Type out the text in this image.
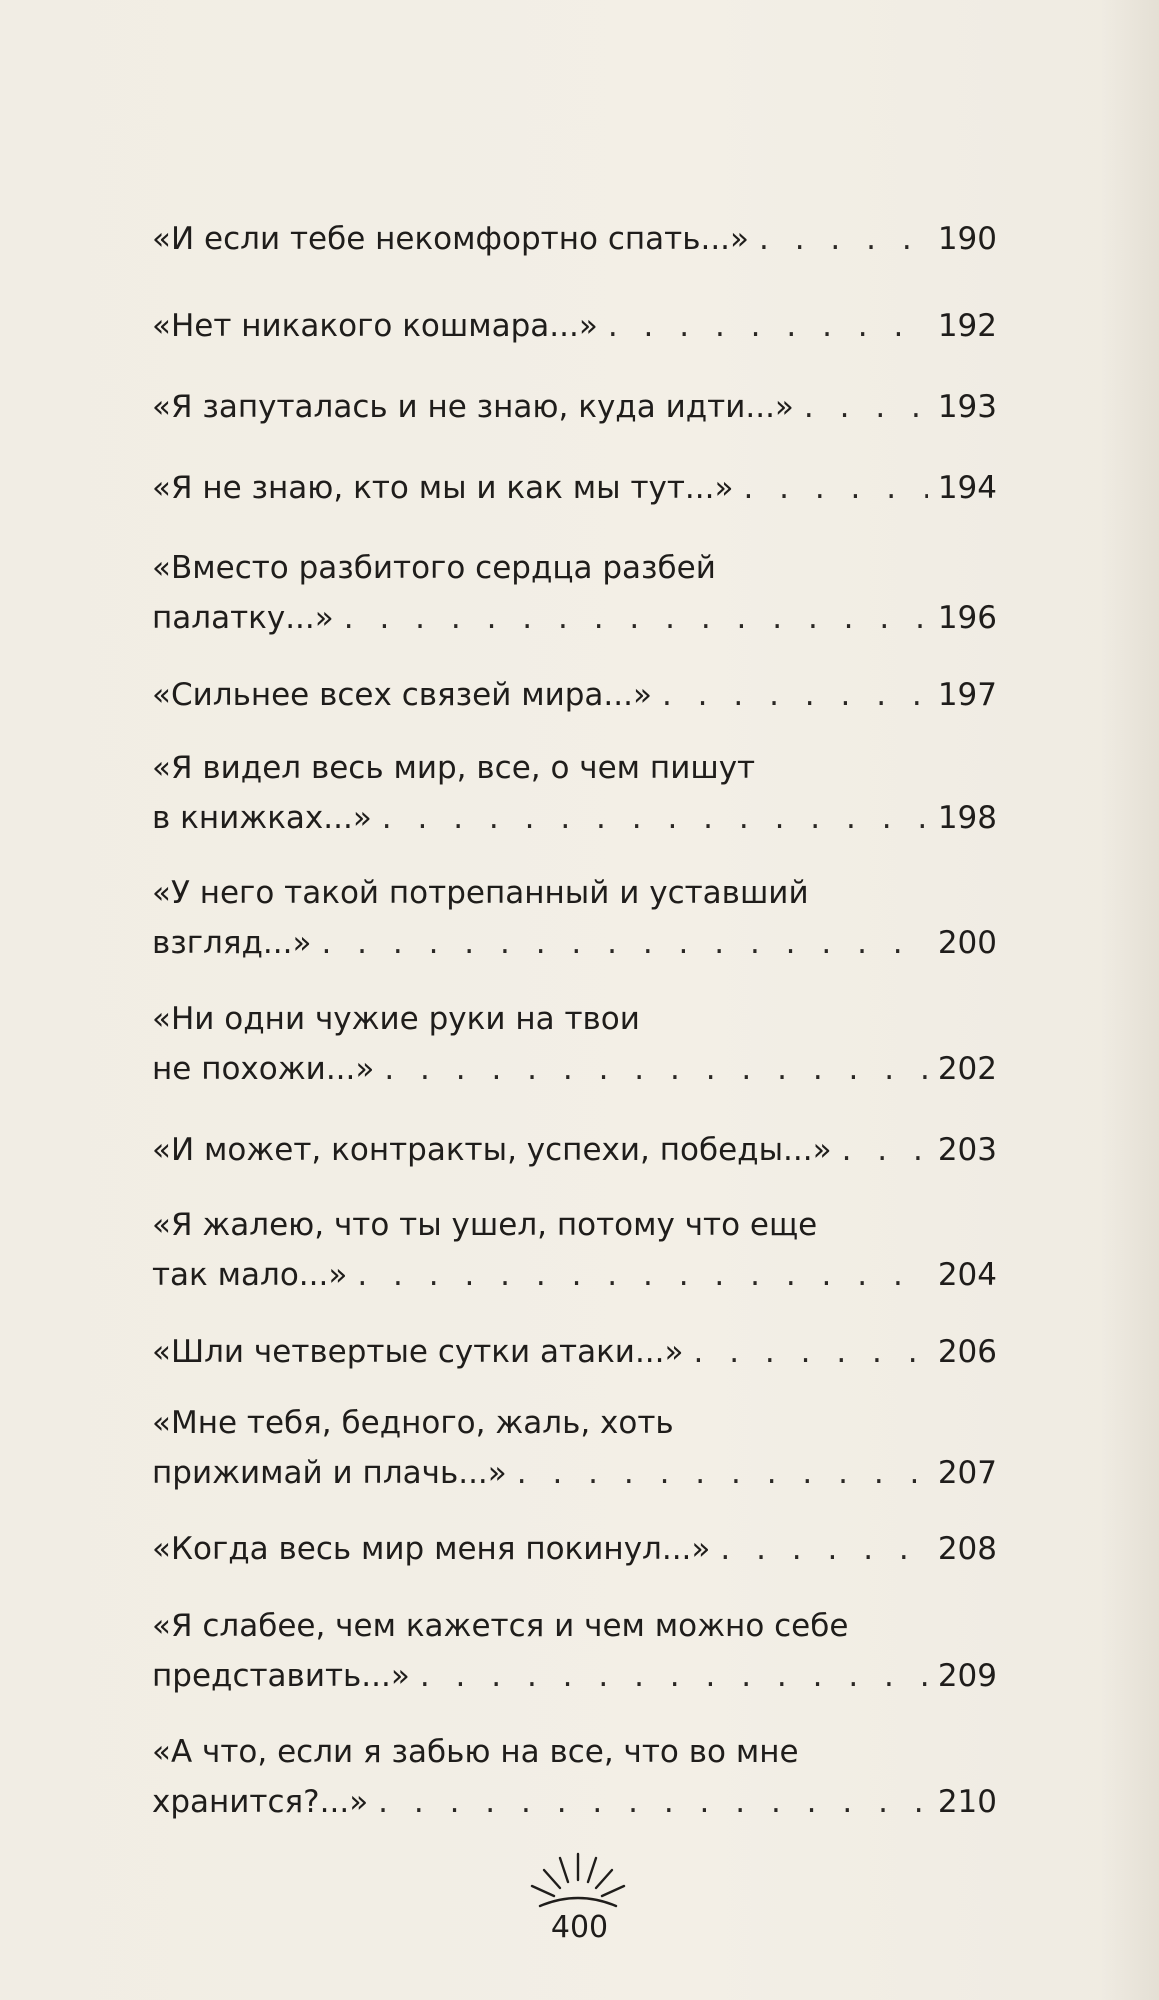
«И если тебе некомфортно спать...» . . .	190
«Нет никакого кошмара...» . . .	192
«Я запуталась и не знаю, куда идти...» . . .	193
«Я не знаю, кто мы и как мы тут...» . . .	194
«Вместо разбитого сердца разбей
палатку...» . . .	196
«Сильнее всех связей мира...» . . .	197
«Я видел весь мир, все, о чем пишут
в книжках...» . . .	198
«У него такой потрепанный и уставший
взгляд...» . . .	200
«Ни одни чужие руки на твои
не похожи...» . . .	202
«И может, контракты, успехи, победы...» . . .	203
«Я жалею, что ты ушел, потому что еще
так мало...» . . .	204
«Шли четвертые сутки атаки...» . . .	206
«Мне тебя, бедного, жаль, хоть
прижимай и плачь...» . . .	207
«Когда весь мир меня покинул...» . . .	208
«Я слабее, чем кажется и чем можно себе
представить...» . . .	209
«А что, если я забью на все, что во мне
хранится?...» . . .	210
400
